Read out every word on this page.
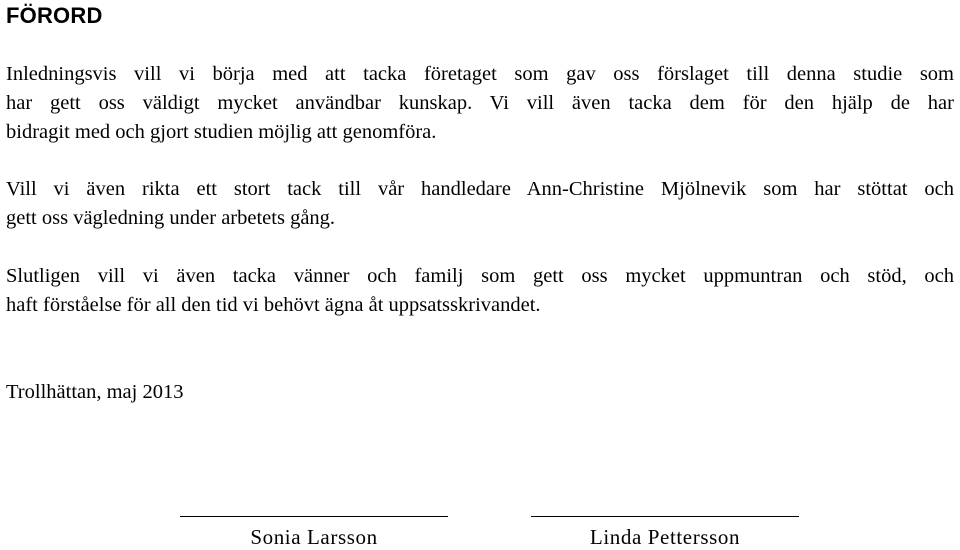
FÖRORD

Inledningsvis vill vi börja med att tacka företaget som gav oss förslaget till denna studie som
har gett oss väldigt mycket användbar kunskap. Vi vill även tacka dem för den hjälp de har
bidragit med och gjort studien möjlig att genomföra.

Vill vi även rikta ett stort tack till vår handledare Ann-Christine Mjölnevik som har stöttat och
gett oss vägledning under arbetets gång.

Slutligen vill vi även tacka vänner och familj som gett oss mycket uppmuntran och stöd, och
haft förståelse för all den tid vi behövt ägna åt uppsatsskrivandet.

Trollhättan, maj 2013

Sonia Larsson	Linda Pettersson
